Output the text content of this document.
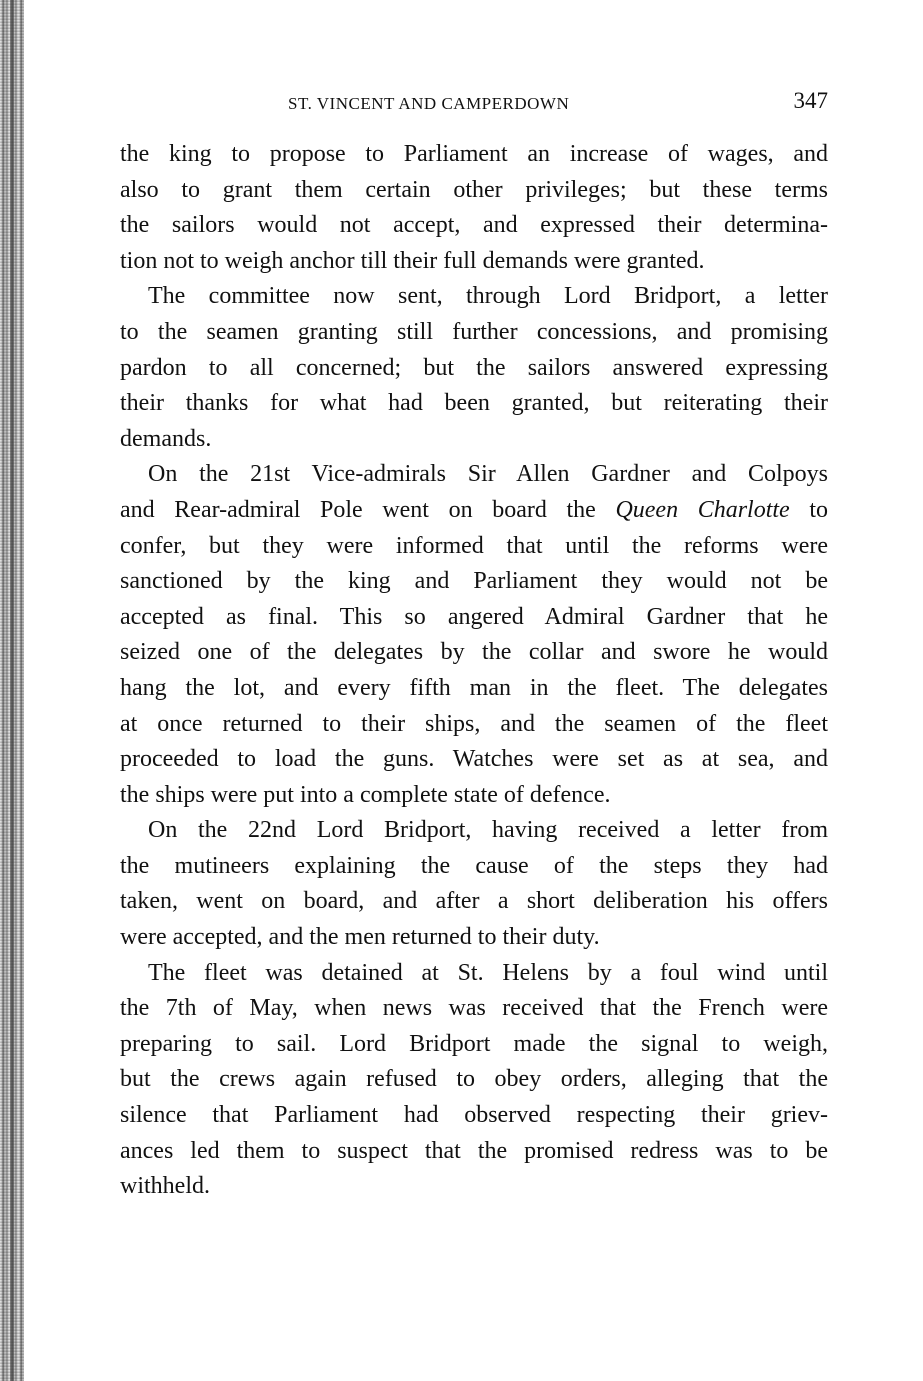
ST. VINCENT AND CAMPERDOWN	347
the king to propose to Parliament an increase of wages, and
also to grant them certain other privileges; but these terms
the sailors would not accept, and expressed their determina-
tion not to weigh anchor till their full demands were granted.
The committee now sent, through Lord Bridport, a letter
to the seamen granting still further concessions, and promising
pardon to all concerned; but the sailors answered expressing
their thanks for what had been granted, but reiterating their
demands.
On the 21st Vice-admirals Sir Allen Gardner and Colpoys
and Rear-admiral Pole went on board the Queen Charlotte to
confer, but they were informed that until the reforms were
sanctioned by the king and Parliament they would not be
accepted as final. This so angered Admiral Gardner that he
seized one of the delegates by the collar and swore he would
hang the lot, and every fifth man in the fleet. The delegates
at once returned to their ships, and the seamen of the fleet
proceeded to load the guns. Watches were set as at sea, and
the ships were put into a complete state of defence.
On the 22nd Lord Bridport, having received a letter from
the mutineers explaining the cause of the steps they had
taken, went on board, and after a short deliberation his offers
were accepted, and the men returned to their duty.
The fleet was detained at St. Helens by a foul wind until
the 7th of May, when news was received that the French were
preparing to sail. Lord Bridport made the signal to weigh,
but the crews again refused to obey orders, alleging that the
silence that Parliament had observed respecting their griev-
ances led them to suspect that the promised redress was to be
withheld.
